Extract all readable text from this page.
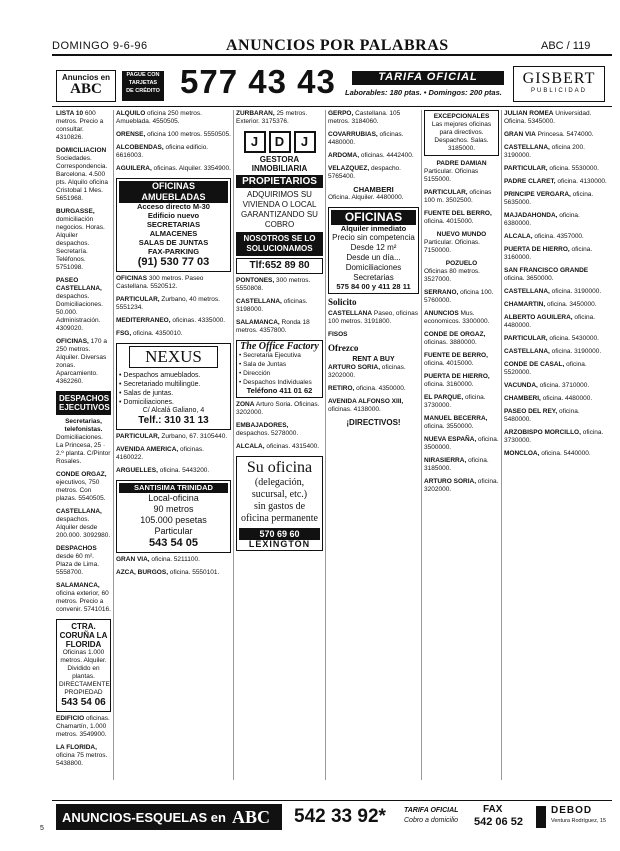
DOMINGO 9-6-96	ANUNCIOS POR PALABRAS	ABC / 119
Anuncios en
ABC
PAGUE CON
TARJETAS
DE CRÉDITO 577 43 43	TARIFA OFICIAL
Laborables: 180 ptas. • Domingos: 200 ptas.
GISBERT
PUBLICIDAD

LISTA 10 600 metros. Precio a consultar. 4310826.

DOMICILIACION Sociedades. Correspondencia. Barcelona. 4.500 pts. Alquilo oficina Cristobal 1 Mes. 5651968.

BURGASSE, domiciliación negocios. Horas. Alquiler despachos. Secretaría. Teléfonos. 5751098.

PASEO CASTELLANA, despachos. Domiciliaciones. 50.000. Administración. 4309020.

OFICINAS, 170 a 250 metros. Alquiler. Diversas zonas. Aparcamiento. 4362260.

DESPACHOS EJECUTIVOS
Secretarias, telefonistas.

Domiciliaciones. La Princesa, 25 · 2.º planta. C/Pintor Rosales.

CONDE ORGAZ, ejecutivos, 750 metros. Con plazas. 5540505.

CASTELLANA, despachos. Alquiler desde 200.000. 3092980.

DESPACHOS desde 60 m². Plaza de Lima. 5558700.

SALAMANCA, oficina exterior, 60 metros. Precio a convenir. 5741016.

CTRA. CORUÑA LA FLORIDA
Oficinas 1.000 metros. Alquiler. Dividido en plantas. DIRECTAMENTE PROPIEDAD
543 54 06

EDIFICIO oficinas. Chamartín, 1.000 metros. 3549900.

LA FLORIDA, oficina 75 metros. 5438800.

ALQUILO oficina 250 metros. Amueblada. 4550505.

ORENSE, oficina 100 metros. 5550505.

ALCOBENDAS, oficina edificio. 6616003.

AGUILERA, oficinas. Alquiler. 3354900.

OFICINAS AMUEBLADAS
Acceso directo M-30
Edificio nuevo
SECRETARIAS
ALMACENES
SALAS DE JUNTAS
FAX-PARKING
(91) 530 77 03

OFICINAS 300 metros. Paseo Castellana. 5520512.

PARTICULAR, Zurbano, 40 metros. 5551234.

MEDITERRANEO, oficinas. 4335000.

FSG, oficina. 4350010.

NEXUS
• Despachos amueblados.
• Secretariado multilingüe.
• Salas de juntas.
• Domiciliaciones.
C/ Alcalá Galiano, 4
Telf.: 310 31 13

PARTICULAR, Zurbano, 67. 3105440.

AVENIDA AMERICA, oficinas. 4160022.

ARGUELLES, oficina. 5443200.

SANTISIMA TRINIDAD
Local-oficina
90 metros
105.000 pesetas
Particular
543 54 05

GRAN VIA, oficina. 5211100.

AZCA, BURGOS, oficina. 5550101.

ZURBARAN, 25 metros. Exterior. 3175376.

J	D	J
GESTORA INMOBILIARIA
PROPIETARIOS
ADQUIRIMOS SU VIVIENDA O LOCAL GARANTIZANDO SU COBRO
NOSOTROS SE LO SOLUCIONAMOS
Tlf:652 89 80

PONTONES, 300 metros. 5550808.

CASTELLANA, oficinas. 3198000.

SALAMANCA, Ronda 18 metros. 4357800.

The Office Factory
• Secretaria Ejecutiva
• Sala de Juntas
• Dirección
• Despachos Individuales
Teléfono 411 01 62

ZONA Arturo Soria. Oficinas. 3202000.

EMBAJADORES, despachos. 5278000.

ALCALA, oficinas. 4315400.

Su oficina
(delegación,
sucursal, etc.)
sin gastos de
oficina permanente
570 69 60
LEXINGTON

GERPO, Castellana. 105 metros. 3184060.

COVARRUBIAS, oficinas. 4480000.

ARDOMA, oficinas. 4442400.

VELAZQUEZ, despacho. 5765400.

CHAMBERI

Oficina. Alquiler. 4480000.

OFICINAS
Alquiler inmediato
Precio sin competencia
Desde 12 m²
Desde un día...
Domiciliaciones
Secretarias
575 84 00 y 411 28 11
Solicito

CASTELLANA Paseo, oficinas 100 metros. 3191800.

FISOS

Ofrezco
RENT A BUY

ARTURO SORIA, oficinas. 3202000.

RETIRO, oficina. 4350000.

AVENIDA ALFONSO XIII, oficinas. 4138000.

¡DIRECTIVOS!
EXCEPCIONALES
Las mejores oficinas para directivos. Despachos. Salas. 3185000.
PADRE DAMIAN

Particular. Oficinas 5155000.

PARTICULAR, oficinas 100 m. 3502500.

FUENTE DEL BERRO, oficina. 4015000.

NUEVO MUNDO

Particular. Oficinas. 7150000.

POZUELO

Oficinas 80 metros. 3527000.

SERRANO, oficina 100. 5760000.

ANUNCIOS Mus. economicos. 3300000.

CONDE DE ORGAZ, oficinas. 3880000.

FUENTE DE BERRO, oficina. 4015000.

PUERTA DE HIERRO, oficina. 3160000.

EL PARQUE, oficina. 3730000.

MANUEL BECERRA, oficina. 3550000.

NUEVA ESPAÑA, oficina. 3500000.

NIRASIERRA, oficina. 3185000.

ARTURO SORIA, oficina. 3202000.

JULIAN ROMEA Universidad. Oficina. 5345000.

GRAN VIA Princesa. 5474000.

CASTELLANA, oficina 200. 3190000.

PARTICULAR, oficina. 5530000.

PADRE CLARET, oficina. 4130000.

PRINCIPE VERGARA, oficina. 5635000.

MAJADAHONDA, oficina. 6380000.

ALCALA, oficina. 4357000.

PUERTA DE HIERRO, oficina. 3160000.

SAN FRANCISCO GRANDE oficina. 3650000.

CASTELLANA, oficina. 3190000.

CHAMARTIN, oficina. 3450000.

ALBERTO AGUILERA, oficina. 4480000.

PARTICULAR, oficina. 5430000.

CASTELLANA, oficina. 3190000.

CONDE DE CASAL, oficina. 5520000.

VACUNDA, oficina. 3710000.

CHAMBERI, oficina. 4480000.

PASEO DEL REY, oficina. 5480000.

ARZOBISPO MORCILLO, oficina. 3730000.

MONCLOA, oficina. 5440000.

ANUNCIOS-ESQUELAS en ABC 542 33 92*	TARIFA OFICIAL
Cobro a domicilio
FAX
542 06 52
DEBOD
Ventura Rodríguez, 15
5
